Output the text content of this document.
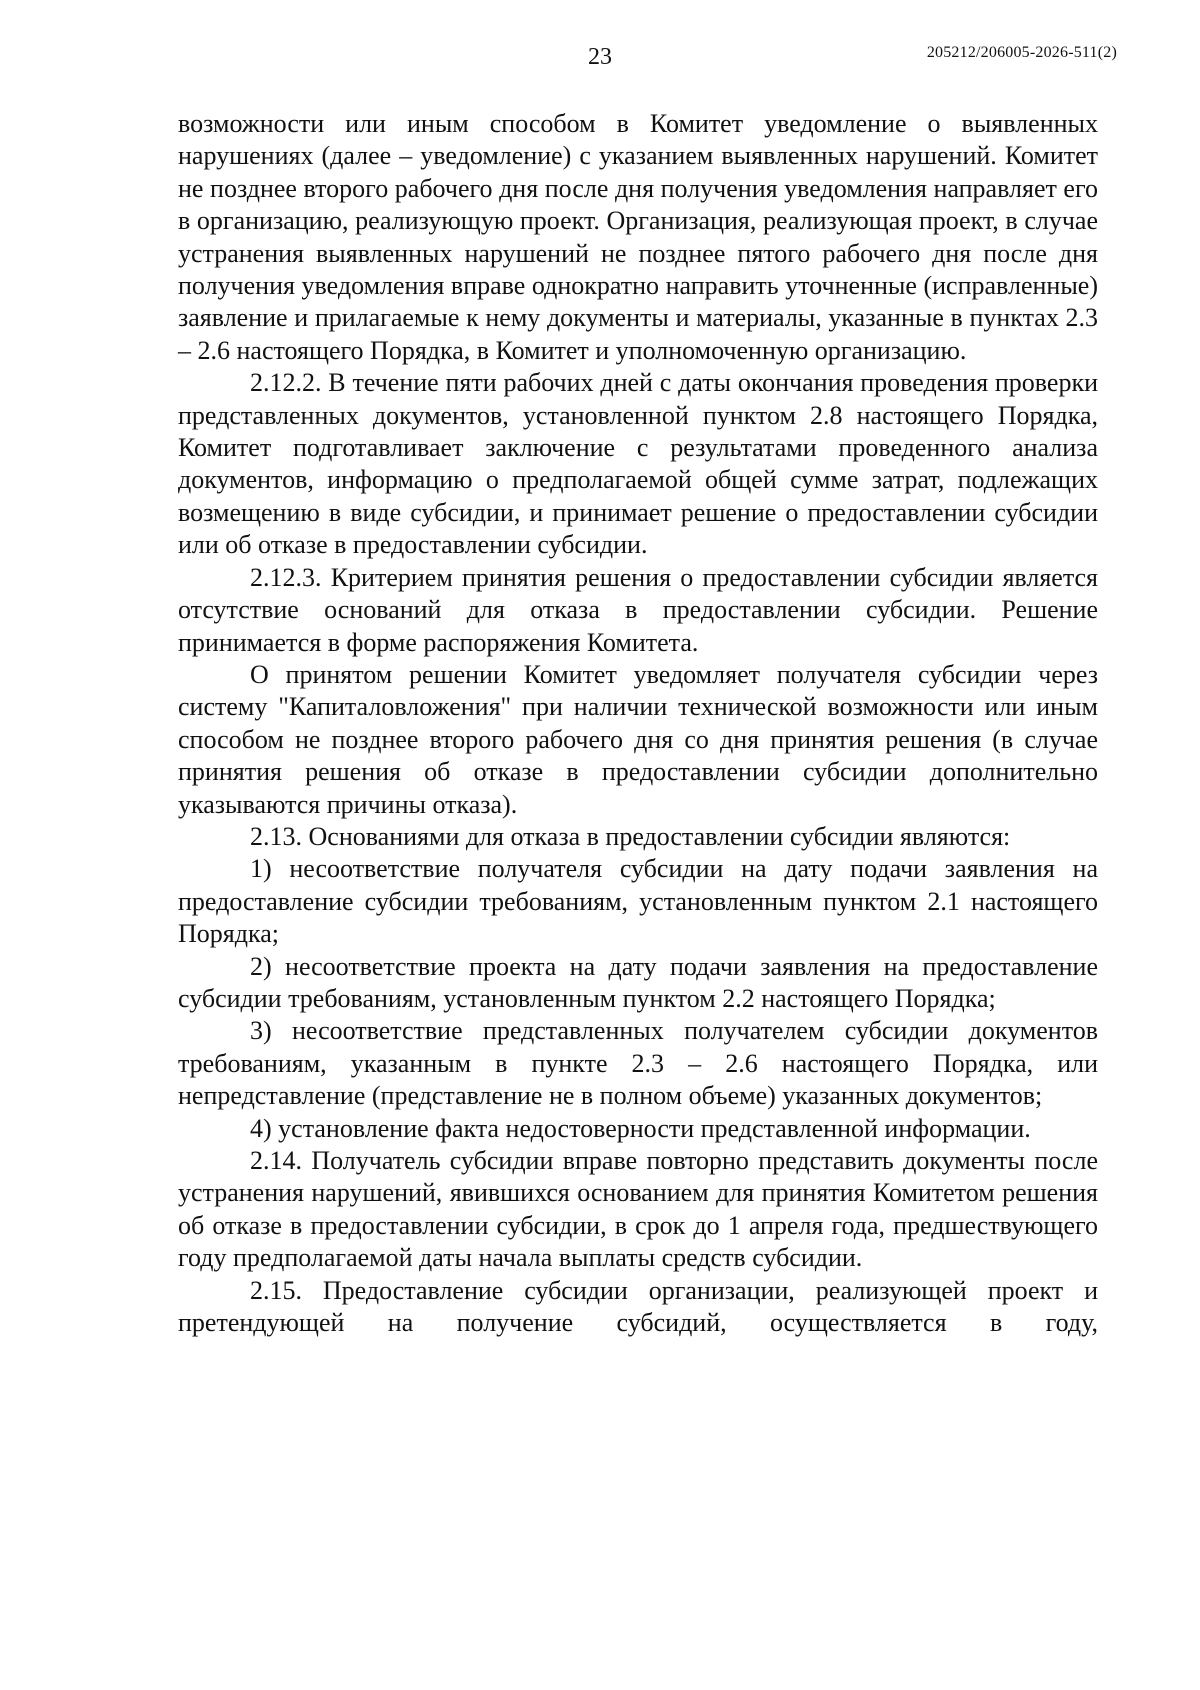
23	205212/206005-2026-511(2)

возможности или иным способом в Комитет уведомление о выявленных нарушениях (далее – уведомление) с указанием выявленных нарушений. Комитет не позднее второго рабочего дня после дня получения уведомления направляет его в организацию, реализующую проект. Организация, реализующая проект, в случае устранения выявленных нарушений не позднее пятого рабочего дня после дня получения уведомления вправе однократно направить уточненные (исправленные) заявление и прилагаемые к нему документы и материалы, указанные в пунктах 2.3 – 2.6 настоящего Порядка, в Комитет и уполномоченную организацию.

2.12.2. В течение пяти рабочих дней с даты окончания проведения проверки представленных документов, установленной пунктом 2.8 настоящего Порядка, Комитет подготавливает заключение с результатами проведенного анализа документов, информацию о предполагаемой общей сумме затрат, подлежащих возмещению в виде субсидии, и принимает решение о предоставлении субсидии или об отказе в предоставлении субсидии.

2.12.3. Критерием принятия решения о предоставлении субсидии является отсутствие оснований для отказа в предоставлении субсидии. Решение принимается в форме распоряжения Комитета.

О принятом решении Комитет уведомляет получателя субсидии через систему "Капиталовложения" при наличии технической возможности или иным способом не позднее второго рабочего дня со дня принятия решения (в случае принятия решения об отказе в предоставлении субсидии дополнительно указываются причины отказа).

2.13. Основаниями для отказа в предоставлении субсидии являются:

1) несоответствие получателя субсидии на дату подачи заявления на предоставление субсидии требованиям, установленным пунктом 2.1 настоящего Порядка;

2) несоответствие проекта на дату подачи заявления на предоставление субсидии требованиям, установленным пунктом 2.2 настоящего Порядка;

3) несоответствие представленных получателем субсидии документов требованиям, указанным в пункте 2.3 – 2.6 настоящего Порядка, или непредставление (представление не в полном объеме) указанных документов;

4) установление факта недостоверности представленной информации.

2.14. Получатель субсидии вправе повторно представить документы после устранения нарушений, явившихся основанием для принятия Комитетом решения об отказе в предоставлении субсидии, в срок до 1 апреля года, предшествующего году предполагаемой даты начала выплаты средств субсидии.

2.15. Предоставление субсидии организации, реализующей проект и претендующей на получение субсидий, осуществляется в году,
